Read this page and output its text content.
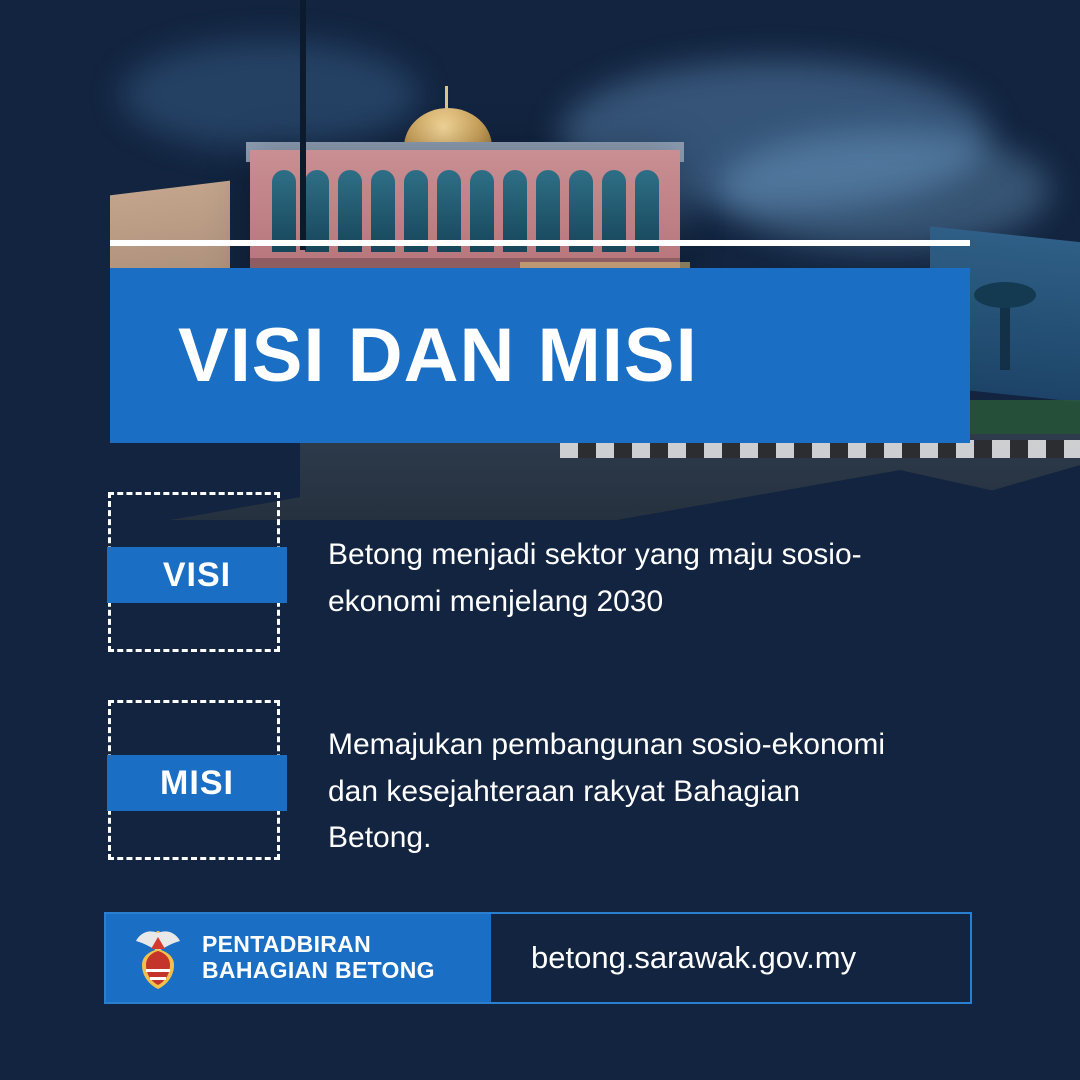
VISI DAN MISI
VISI
Betong menjadi sektor yang maju sosio-ekonomi menjelang 2030
MISI
Memajukan pembangunan sosio-ekonomi dan kesejahteraan rakyat Bahagian Betong.
PENTADBIRAN
BAHAGIAN BETONG	betong.sarawak.gov.my
